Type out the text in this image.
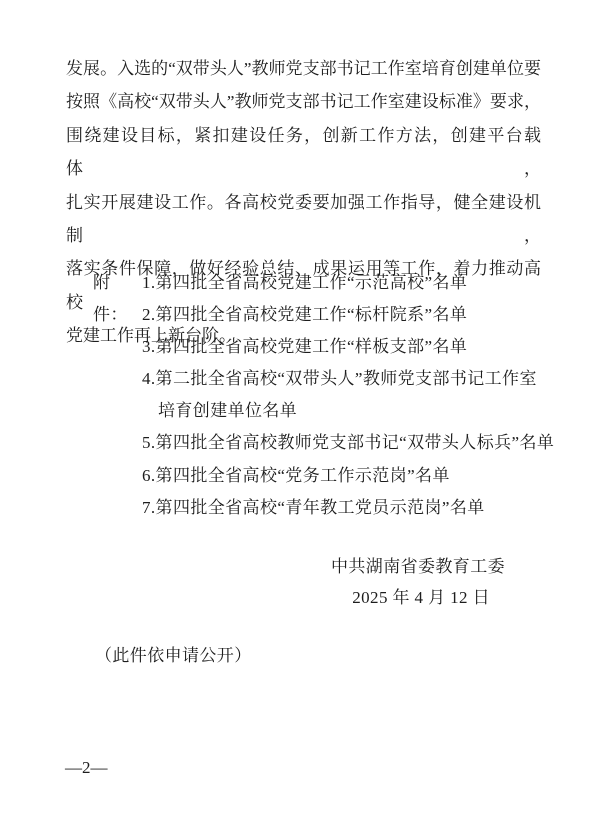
发展。入选的“双带头人”教师党支部书记工作室培育创建单位要
按照《高校“双带头人”教师党支部书记工作室建设标准》要求，
围绕建设目标，紧扣建设任务，创新工作方法，创建平台载体，
扎实开展建设工作。各高校党委要加强工作指导，健全建设机制，
落实条件保障，做好经验总结、成果运用等工作，着力推动高校
党建工作再上新台阶。
附件：
1.第四批全省高校党建工作“示范高校”名单
2.第四批全省高校党建工作“标杆院系”名单
3.第四批全省高校党建工作“样板支部”名单
4.第二批全省高校“双带头人”教师党支部书记工作室
培育创建单位名单
5.第四批全省高校教师党支部书记“双带头人标兵”名单
6.第四批全省高校“党务工作示范岗”名单
7.第四批全省高校“青年教工党员示范岗”名单
中共湖南省委教育工委
2025 年 4 月 12 日
（此件依申请公开）
—2—
